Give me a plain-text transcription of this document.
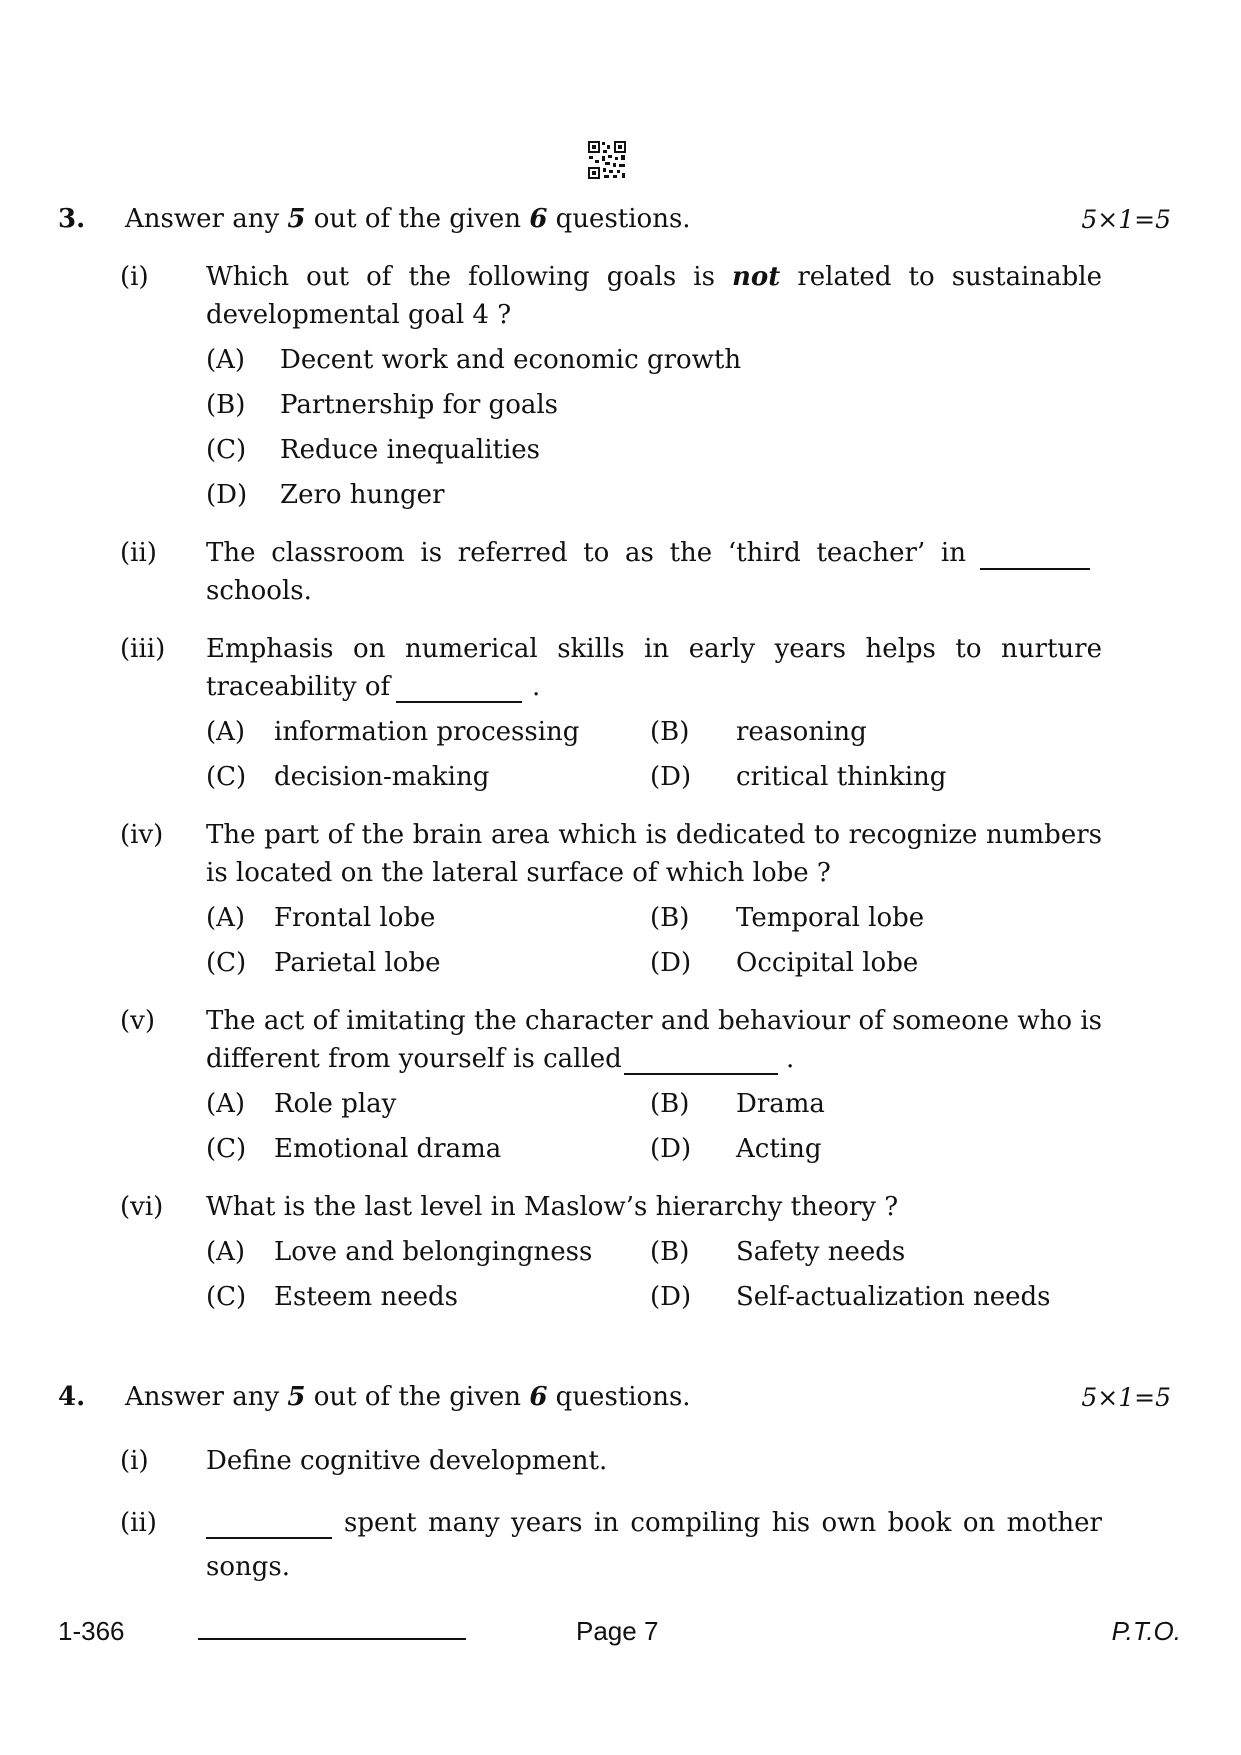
3. Answer any 5 out of the given 6 questions.	5×1=5
(i) Which out of the following goals is not related to sustainable
developmental goal 4 ?
(A) Decent work and economic growth
(B) Partnership for goals
(C) Reduce inequalities
(D) Zero hunger
(ii) The classroom is referred to as the ‘third teacher’ in
schools.
(iii) Emphasis on numerical skills in early years helps to nurture
traceability of	.
(A) information processing	(B) reasoning
(C) decision-making	(D) critical thinking
(iv) The part of the brain area which is dedicated to recognize numbers
is located on the lateral surface of which lobe ?
(A) Frontal lobe	(B) Temporal lobe
(C) Parietal lobe	(D) Occipital lobe
(v) The act of imitating the character and behaviour of someone who is
different from yourself is called	.
(A) Role play	(B) Drama
(C) Emotional drama	(D) Acting
(vi) What is the last level in Maslow’s hierarchy theory ?
(A) Love and belongingness (B) Safety needs
(C) Esteem needs	(D) Self-actualization needs
4. Answer any 5 out of the given 6 questions.	5×1=5
(i) Define cognitive development.
(ii)	spent many years in compiling his own book on mother
songs.
1-366	Page 7	P.T.O.
